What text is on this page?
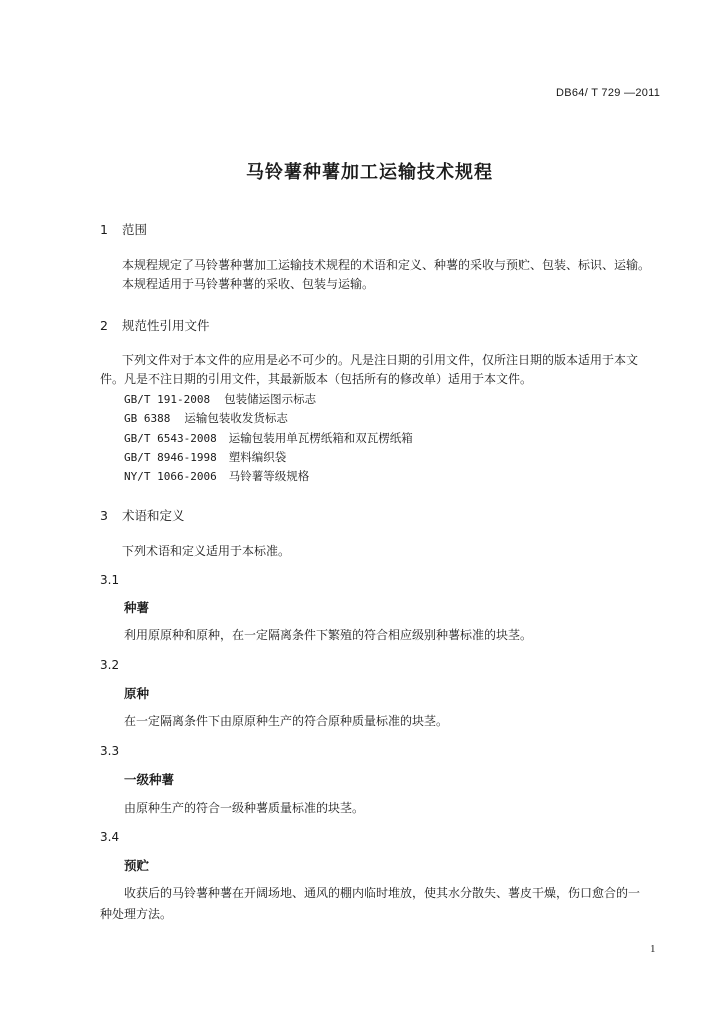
DB64/ T 729 —2011
马铃薯种薯加工运输技术规程
1 范围
本规程规定了马铃薯种薯加工运输技术规程的术语和定义、种薯的采收与预贮、包装、标识、运输。
本规程适用于马铃薯种薯的采收、包装与运输。
2 规范性引用文件
下列文件对于本文件的应用是必不可少的。凡是注日期的引用文件，仅所注日期的版本适用于本文
件。凡是不注日期的引用文件，其最新版本（包括所有的修改单）适用于本文件。
GB/T 191-2008 包装储运图示标志
GB 6388 运输包装收发货标志
GB/T 6543-2008 运输包装用单瓦楞纸箱和双瓦楞纸箱
GB/T 8946-1998 塑料编织袋
NY/T 1066-2006 马铃薯等级规格
3 术语和定义
下列术语和定义适用于本标准。
3.1
种薯
利用原原种和原种，在一定隔离条件下繁殖的符合相应级别种薯标准的块茎。
3.2
原种
在一定隔离条件下由原原种生产的符合原种质量标准的块茎。
3.3
一级种薯
由原种生产的符合一级种薯质量标准的块茎。
3.4
预贮
收获后的马铃薯种薯在开阔场地、通风的棚内临时堆放，使其水分散失、薯皮干燥，伤口愈合的一
种处理方法。
1
